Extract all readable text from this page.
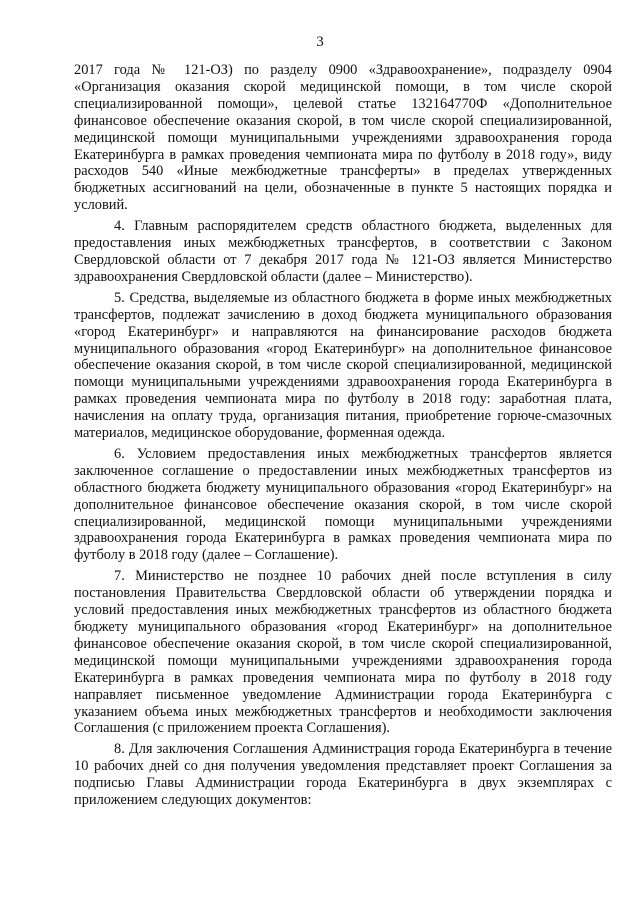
3

2017 года № 121-ОЗ) по разделу 0900 «Здравоохранение», подразделу 0904 «Организация оказания скорой медицинской помощи, в том числе скорой специализированной помощи», целевой статье 132164770Ф «Дополнительное финансовое обеспечение оказания скорой, в том числе скорой специализированной, медицинской помощи муниципальными учреждениями здравоохранения города Екатеринбурга в рамках проведения чемпионата мира по футболу в 2018 году», виду расходов 540 «Иные межбюджетные трансферты» в пределах утвержденных бюджетных ассигнований на цели, обозначенные в пункте 5 настоящих порядка и условий.

4. Главным распорядителем средств областного бюджета, выделенных для предоставления иных межбюджетных трансфертов, в соответствии с Законом Свердловской области от 7 декабря 2017 года № 121-ОЗ является Министерство здравоохранения Свердловской области (далее – Министерство).

5. Средства, выделяемые из областного бюджета в форме иных межбюджетных трансфертов, подлежат зачислению в доход бюджета муниципального образования «город Екатеринбург» и направляются на финансирование расходов бюджета муниципального образования «город Екатеринбург» на дополнительное финансовое обеспечение оказания скорой, в том числе скорой специализированной, медицинской помощи муниципальными учреждениями здравоохранения города Екатеринбурга в рамках проведения чемпионата мира по футболу в 2018 году: заработная плата, начисления на оплату труда, организация питания, приобретение горюче-смазочных материалов, медицинское оборудование, форменная одежда.

6. Условием предоставления иных межбюджетных трансфертов является заключенное соглашение о предоставлении иных межбюджетных трансфертов из областного бюджета бюджету муниципального образования «город Екатеринбург» на дополнительное финансовое обеспечение оказания скорой, в том числе скорой специализированной, медицинской помощи муниципальными учреждениями здравоохранения города Екатеринбурга в рамках проведения чемпионата мира по футболу в 2018 году (далее – Соглашение).

7. Министерство не позднее 10 рабочих дней после вступления в силу постановления Правительства Свердловской области об утверждении порядка и условий предоставления иных межбюджетных трансфертов из областного бюджета бюджету муниципального образования «город Екатеринбург» на дополнительное финансовое обеспечение оказания скорой, в том числе скорой специализированной, медицинской помощи муниципальными учреждениями здравоохранения города Екатеринбурга в рамках проведения чемпионата мира по футболу в 2018 году направляет письменное уведомление Администрации города Екатеринбурга с указанием объема иных межбюджетных трансфертов и необходимости заключения Соглашения (с приложением проекта Соглашения).

8. Для заключения Соглашения Администрация города Екатеринбурга в течение 10 рабочих дней со дня получения уведомления представляет проект Соглашения за подписью Главы Администрации города Екатеринбурга в двух экземплярах с приложением следующих документов:
